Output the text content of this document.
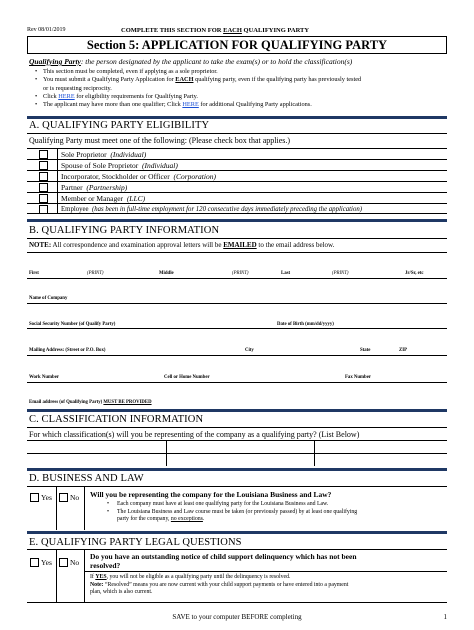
Rev 08/01/2019	COMPLETE THIS SECTION FOR EACH QUALIFYING PARTY
Section 5: APPLICATION FOR QUALIFYING PARTY
Qualifying Party: the person designated by the applicant to take the exam(s) or to hold the classification(s)
• This section must be completed, even if applying as a sole proprietor.
• You must submit a Qualifying Party Application for EACH qualifying party, even if the qualifying party has previously tested
or is requesting reciprocity.
• Click HERE for eligibility requirements for Qualifying Party.
• The applicant may have more than one qualifier; Click HERE for additional Qualifying Party applications.
A. QUALIFYING PARTY ELIGIBILITY
Qualifying Party must meet one of the following: (Please check box that applies.)
Sole Proprietor (Individual)
Spouse of Sole Proprietor (Individual)
Incorporator, Stockholder or Officer (Corporation)
Partner (Partnership)
Member or Manager (LLC)
Employee (has been in full-time employment for 120 consecutive days immediately preceding the application)
B. QUALIFYING PARTY INFORMATION
NOTE: All correspondence and examination approval letters will be EMAILED to the email address below.
First	(PRINT)	Middle	(PRINT)	Last	(PRINT)	Jr/Sr, etc
Name of Company
Social Security Number (of Qualify Party)	Date of Birth (mm/dd/yyyy)
Mailing Address: (Street or P.O. Box)	City	State	ZIP
Work Number	Cell or Home Number	Fax Number
Email address (of Qualifying Party) MUST BE PROVIDED
C. CLASSIFICATION INFORMATION
For which classification(s) will you be representing of the company as a qualifying party? (List Below)
D. BUSINESS AND LAW
Yes No Will you be representing the company for the Louisiana Business and Law?
• Each company must have at least one qualifying party for the Louisiana Business and Law.
• The Louisiana Business and Law course must be taken (or previously passed) by at least one qualifying
party for the company, no exceptions.
E. QUALIFYING PARTY LEGAL QUESTIONS
Yes No
Do you have an outstanding notice of child support delinquency which has not been
resolved?
If YES, you will not be eligible as a qualifying party until the delinquency is resolved.
Note: “Resolved” means you are now current with your child support payments or have entered into a payment
plan, which is also current.
SAVE to your computer BEFORE completing	1
